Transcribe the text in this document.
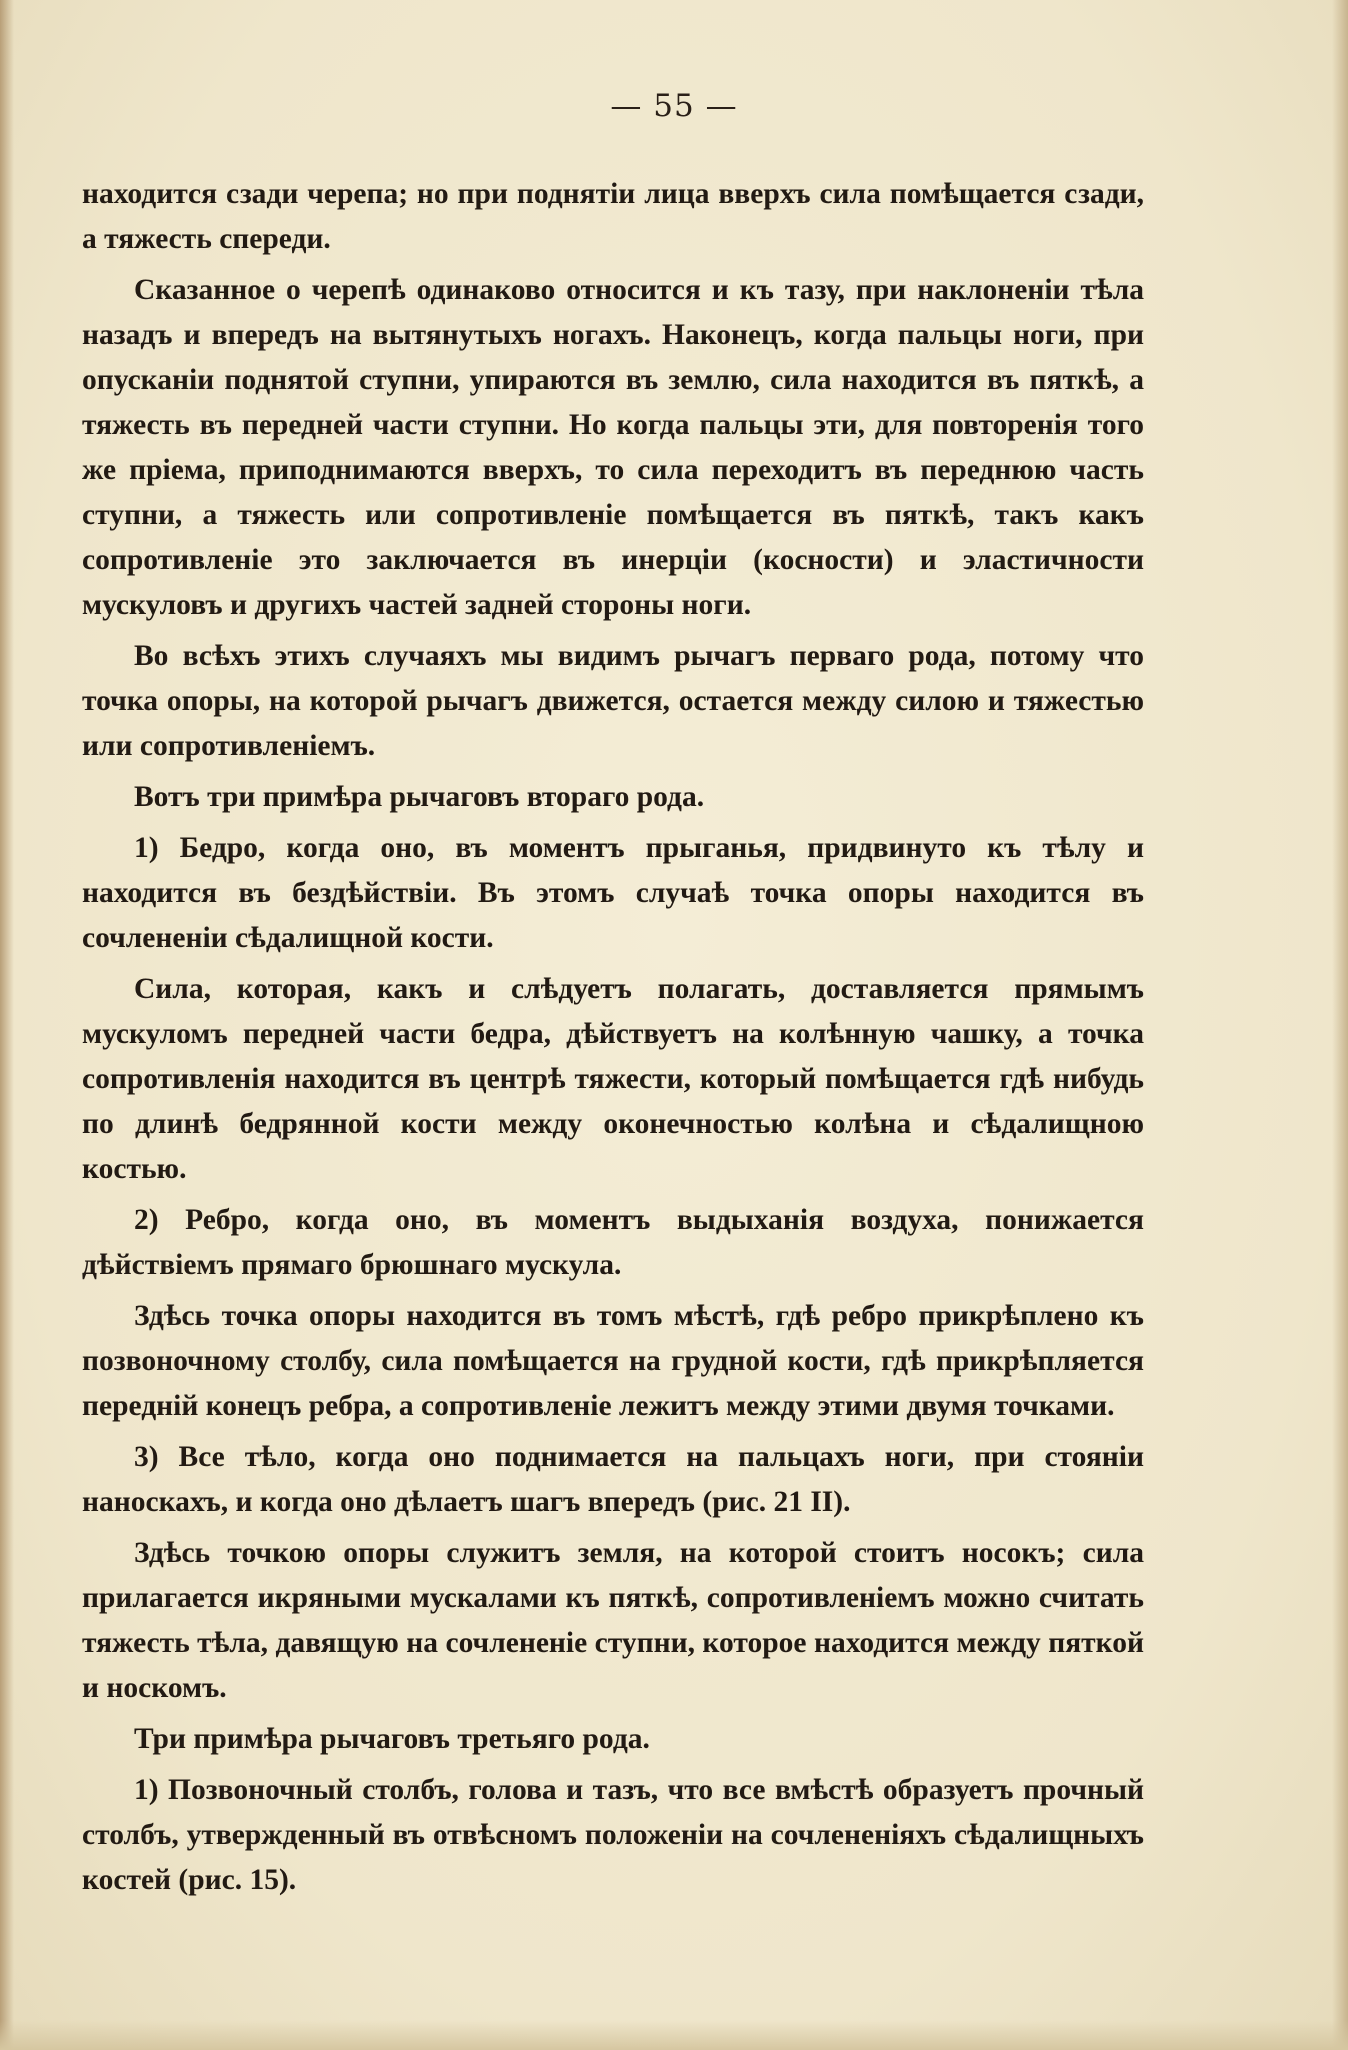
— 55 —

находится сзади черепа; но при поднятіи лица вверхъ сила помѣщается сзади, а тяжесть спереди.

Сказанное о черепѣ одинаково относится и къ тазу, при наклоненіи тѣла назадъ и впередъ на вытянутыхъ ногахъ. Наконецъ, когда пальцы ноги, при опусканіи поднятой ступни, упираются въ землю, сила находится въ пяткѣ, а тяжесть въ передней части ступни. Но когда пальцы эти, для повторенія того же пріема, приподнимаются вверхъ, то сила переходитъ въ переднюю часть ступни, а тяжесть или сопротивленіе помѣщается въ пяткѣ, такъ какъ сопротивленіе это заключается въ инерціи (косности) и эластичности мускуловъ и другихъ частей задней стороны ноги.

Во всѣхъ этихъ случаяхъ мы видимъ рычагъ перваго рода, потому что точка опоры, на которой рычагъ движется, остается между силою и тяжестью или сопротивленіемъ.

Вотъ три примѣра рычаговъ втораго рода.

1) Бедро, когда оно, въ моментъ прыганья, придвинуто къ тѣлу и находится въ бездѣйствіи. Въ этомъ случаѣ точка опоры находится въ сочлененіи сѣдалищной кости.

Сила, которая, какъ и слѣдуетъ полагать, доставляется прямымъ мускуломъ передней части бедра, дѣйствуетъ на колѣнную чашку, а точка сопротивленія находится въ центрѣ тяжести, который помѣщается гдѣ нибудь по длинѣ бедрянной кости между оконечностью колѣна и сѣдалищною костью.

2) Ребро, когда оно, въ моментъ выдыханія воздуха, понижается дѣйствіемъ прямаго брюшнаго мускула.

Здѣсь точка опоры находится въ томъ мѣстѣ, гдѣ ребро прикрѣплено къ позвоночному столбу, сила помѣщается на грудной кости, гдѣ прикрѣпляется передній конецъ ребра, а сопротивленіе лежитъ между этими двумя точками.

3) Все тѣло, когда оно поднимается на пальцахъ ноги, при стояніи наноскахъ, и когда оно дѣлаетъ шагъ впередъ (рис. 21 II).

Здѣсь точкою опоры служитъ земля, на которой стоитъ носокъ; сила прилагается икряными мускалами къ пяткѣ, сопротивленіемъ можно считать тяжесть тѣла, давящую на сочлененіе ступни, которое находится между пяткой и носкомъ.

Три примѣра рычаговъ третьяго рода.

1) Позвоночный столбъ, голова и тазъ, что все вмѣстѣ образуетъ прочный столбъ, утвержденный въ отвѣсномъ положеніи на сочлененіяхъ сѣдалищныхъ костей (рис. 15).
